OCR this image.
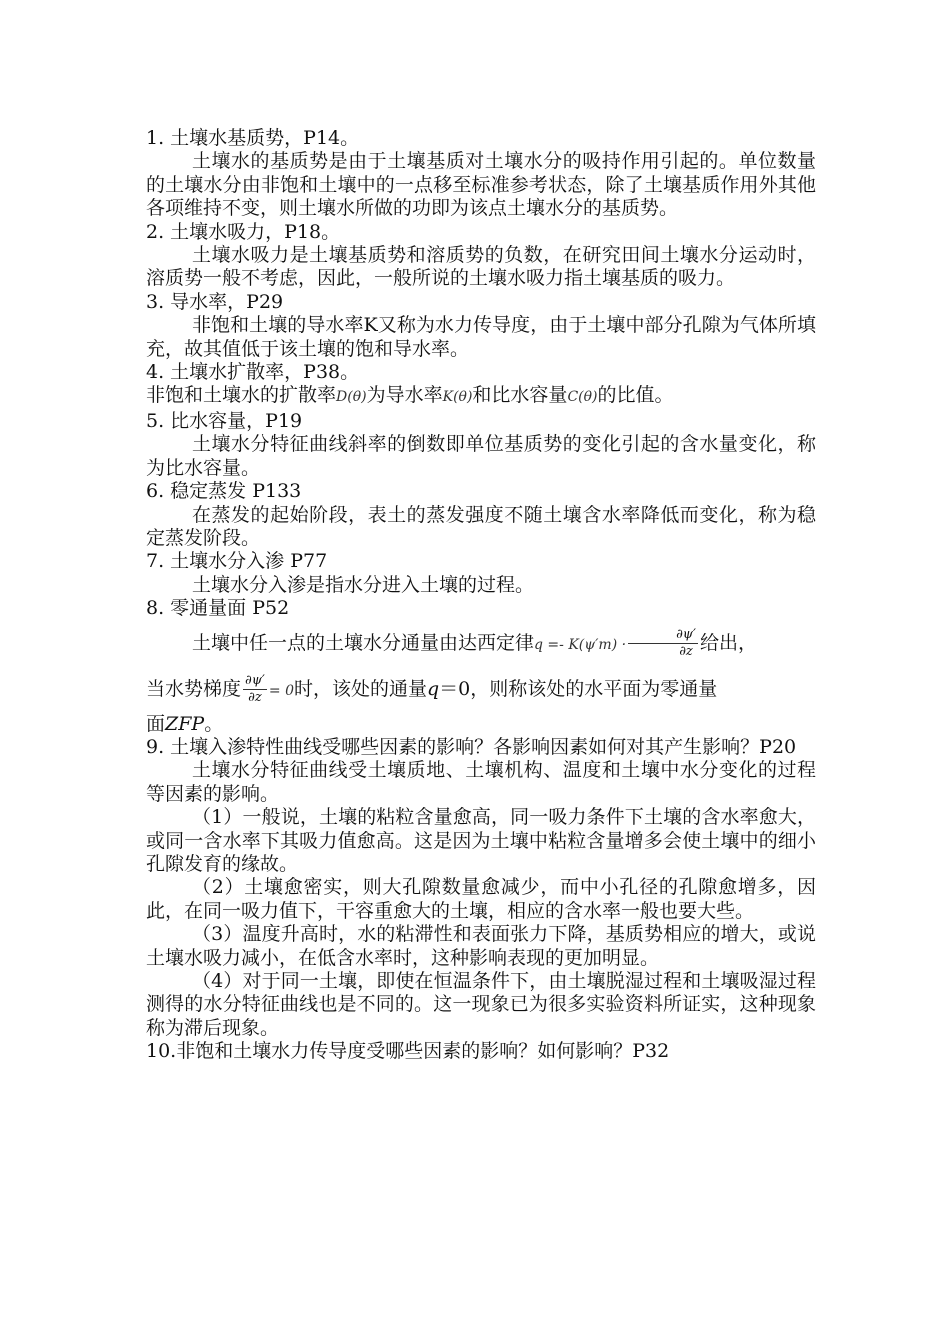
1. 土壤水基质势，P14。

土壤水的基质势是由于土壤基质对土壤水分的吸持作用引起的。单位数量的土壤水分由非饱和土壤中的一点移至标准参考状态，除了土壤基质作用外其他各项维持不变，则土壤水所做的功即为该点土壤水分的基质势。

2. 土壤水吸力，P18。

土壤水吸力是土壤基质势和溶质势的负数，在研究田间土壤水分运动时，溶质势一般不考虑，因此，一般所说的土壤水吸力指土壤基质的吸力。

3. 导水率，P29

非饱和土壤的导水率K又称为水力传导度，由于土壤中部分孔隙为气体所填充，故其值低于该土壤的饱和导水率。

4. 土壤水扩散率，P38。

非饱和土壤水的扩散率D(θ)为导水率K(θ)和比水容量C(θ)的比值。

5. 比水容量，P19

土壤水分特征曲线斜率的倒数即单位基质势的变化引起的含水量变化，称为比水容量。

6. 稳定蒸发 P133

在蒸发的起始阶段，表土的蒸发强度不随土壤含水率降低而变化，称为稳定蒸发阶段。

7. 土壤水分入渗 P77

土壤水分入渗是指水分进入土壤的过程。

8. 零通量面 P52

土壤中任一点的土壤水分通量由达西定律$q =- K(\psi'm) \cdot \frac{\partial\psi'}{\partial z}$ 给出，

当水势梯度 $\frac{\partial\psi'}{\partial z} = 0$时，该处的通量q＝0，则称该处的水平面为零通量

面ZFP。

9. 土壤入渗特性曲线受哪些因素的影响？各影响因素如何对其产生影响？P20

土壤水分特征曲线受土壤质地、土壤机构、温度和土壤中水分变化的过程等因素的影响。

（1）一般说，土壤的粘粒含量愈高，同一吸力条件下土壤的含水率愈大，或同一含水率下其吸力值愈高。这是因为土壤中粘粒含量增多会使土壤中的细小孔隙发育的缘故。

（2）土壤愈密实，则大孔隙数量愈减少，而中小孔径的孔隙愈增多，因此，在同一吸力值下，干容重愈大的土壤，相应的含水率一般也要大些。

（3）温度升高时，水的粘滞性和表面张力下降，基质势相应的增大，或说土壤水吸力减小，在低含水率时，这种影响表现的更加明显。

（4）对于同一土壤，即使在恒温条件下，由土壤脱湿过程和土壤吸湿过程测得的水分特征曲线也是不同的。这一现象已为很多实验资料所证实，这种现象称为滞后现象。

10.非饱和土壤水力传导度受哪些因素的影响？如何影响？P32
